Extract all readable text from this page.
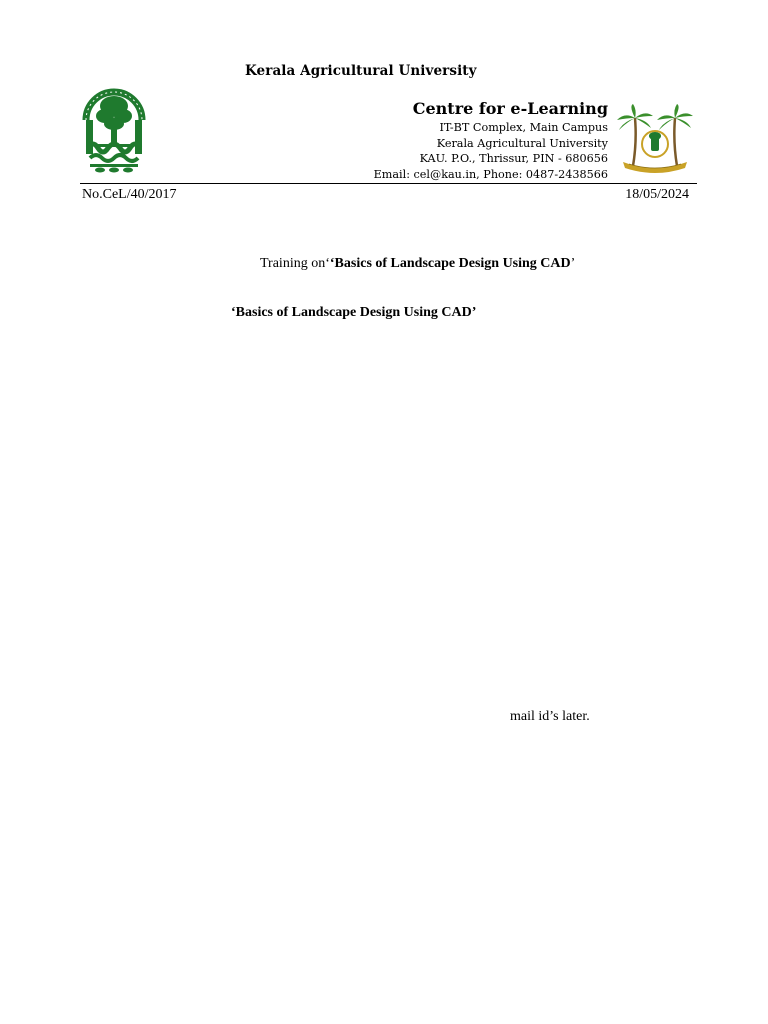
Kerala Agricultural University
Centre for e-Learning
IT-BT Complex, Main Campus
Kerala Agricultural University
KAU. P.O., Thrissur, PIN - 680656
Email: cel@kau.in, Phone: 0487-2438566
No.CeL/40/2017	18/05/2024
Training on‘‘Basics of Landscape Design Using CAD’
‘Basics of Landscape Design Using CAD’
mail id’s later.
